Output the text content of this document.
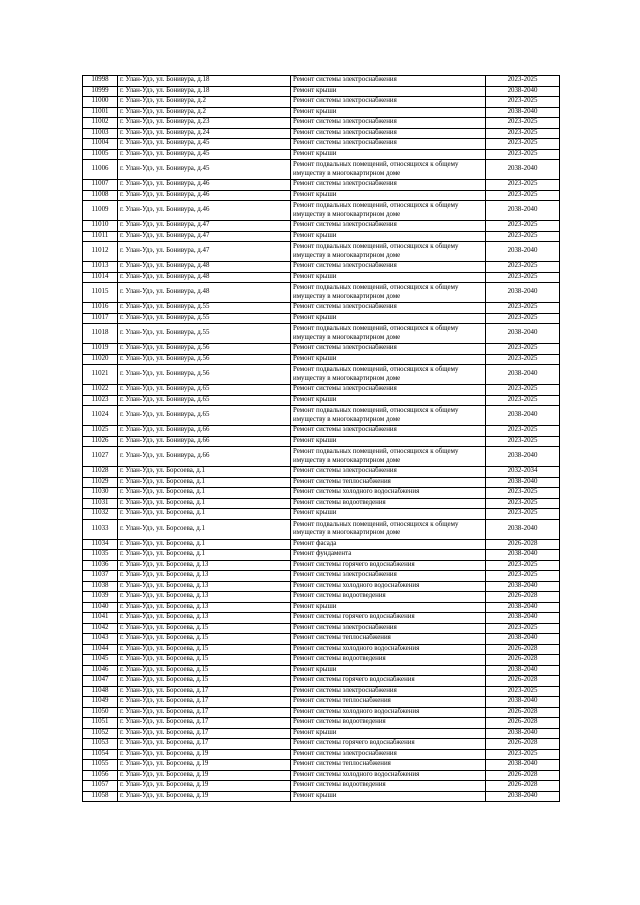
10998	г. Улан-Удэ, ул. Бонивура, д.18	Ремонт системы электроснабжения	2023-2025
10999	г. Улан-Удэ, ул. Бонивура, д.18	Ремонт крыши	2038-2040
11000	г. Улан-Удэ, ул. Бонивура, д.2	Ремонт системы электроснабжения	2023-2025
11001	г. Улан-Удэ, ул. Бонивура, д.2	Ремонт крыши	2038-2040
11002	г. Улан-Удэ, ул. Бонивура, д.23	Ремонт системы электроснабжения	2023-2025
11003	г. Улан-Удэ, ул. Бонивура, д.24	Ремонт системы электроснабжения	2023-2025
11004	г. Улан-Удэ, ул. Бонивура, д.45	Ремонт системы электроснабжения	2023-2025
11005	г. Улан-Удэ, ул. Бонивура, д.45	Ремонт крыши	2023-2025
11006	г. Улан-Удэ, ул. Бонивура, д.45	Ремонт подвальных помещений, относящихся к общему имуществу в многоквартирном доме	2038-2040
11007	г. Улан-Удэ, ул. Бонивура, д.46	Ремонт системы электроснабжения	2023-2025
11008	г. Улан-Удэ, ул. Бонивура, д.46	Ремонт крыши	2023-2025
11009	г. Улан-Удэ, ул. Бонивура, д.46	Ремонт подвальных помещений, относящихся к общему имуществу в многоквартирном доме	2038-2040
11010	г. Улан-Удэ, ул. Бонивура, д.47	Ремонт системы электроснабжения	2023-2025
11011	г. Улан-Удэ, ул. Бонивура, д.47	Ремонт крыши	2023-2025
11012	г. Улан-Удэ, ул. Бонивура, д.47	Ремонт подвальных помещений, относящихся к общему имуществу в многоквартирном доме	2038-2040
11013	г. Улан-Удэ, ул. Бонивура, д.48	Ремонт системы электроснабжения	2023-2025
11014	г. Улан-Удэ, ул. Бонивура, д.48	Ремонт крыши	2023-2025
11015	г. Улан-Удэ, ул. Бонивура, д.48	Ремонт подвальных помещений, относящихся к общему имуществу в многоквартирном доме	2038-2040
11016	г. Улан-Удэ, ул. Бонивура, д.55	Ремонт системы электроснабжения	2023-2025
11017	г. Улан-Удэ, ул. Бонивура, д.55	Ремонт крыши	2023-2025
11018	г. Улан-Удэ, ул. Бонивура, д.55	Ремонт подвальных помещений, относящихся к общему имуществу в многоквартирном доме	2038-2040
11019	г. Улан-Удэ, ул. Бонивура, д.56	Ремонт системы электроснабжения	2023-2025
11020	г. Улан-Удэ, ул. Бонивура, д.56	Ремонт крыши	2023-2025
11021	г. Улан-Удэ, ул. Бонивура, д.56	Ремонт подвальных помещений, относящихся к общему имуществу в многоквартирном доме	2038-2040
11022	г. Улан-Удэ, ул. Бонивура, д.65	Ремонт системы электроснабжения	2023-2025
11023	г. Улан-Удэ, ул. Бонивура, д.65	Ремонт крыши	2023-2025
11024	г. Улан-Удэ, ул. Бонивура, д.65	Ремонт подвальных помещений, относящихся к общему имуществу в многоквартирном доме	2038-2040
11025	г. Улан-Удэ, ул. Бонивура, д.66	Ремонт системы электроснабжения	2023-2025
11026	г. Улан-Удэ, ул. Бонивура, д.66	Ремонт крыши	2023-2025
11027	г. Улан-Удэ, ул. Бонивура, д.66	Ремонт подвальных помещений, относящихся к общему имуществу в многоквартирном доме	2038-2040
11028	г. Улан-Удэ, ул. Борсоева, д.1	Ремонт системы электроснабжения	2032-2034
11029	г. Улан-Удэ, ул. Борсоева, д.1	Ремонт системы теплоснабжения	2038-2040
11030	г. Улан-Удэ, ул. Борсоева, д.1	Ремонт системы холодного водоснабжения	2023-2025
11031	г. Улан-Удэ, ул. Борсоева, д.1	Ремонт системы водоотведения	2023-2025
11032	г. Улан-Удэ, ул. Борсоева, д.1	Ремонт крыши	2023-2025
11033	г. Улан-Удэ, ул. Борсоева, д.1	Ремонт подвальных помещений, относящихся к общему имуществу в многоквартирном доме	2038-2040
11034	г. Улан-Удэ, ул. Борсоева, д.1	Ремонт фасада	2026-2028
11035	г. Улан-Удэ, ул. Борсоева, д.1	Ремонт фундамента	2038-2040
11036	г. Улан-Удэ, ул. Борсоева, д.13	Ремонт системы горячего водоснабжения	2023-2025
11037	г. Улан-Удэ, ул. Борсоева, д.13	Ремонт системы электроснабжения	2023-2025
11038	г. Улан-Удэ, ул. Борсоева, д.13	Ремонт системы холодного водоснабжения	2038-2040
11039	г. Улан-Удэ, ул. Борсоева, д.13	Ремонт системы водоотведения	2026-2028
11040	г. Улан-Удэ, ул. Борсоева, д.13	Ремонт крыши	2038-2040
11041	г. Улан-Удэ, ул. Борсоева, д.13	Ремонт системы горячего водоснабжения	2038-2040
11042	г. Улан-Удэ, ул. Борсоева, д.15	Ремонт системы электроснабжения	2023-2025
11043	г. Улан-Удэ, ул. Борсоева, д.15	Ремонт системы теплоснабжения	2038-2040
11044	г. Улан-Удэ, ул. Борсоева, д.15	Ремонт системы холодного водоснабжения	2026-2028
11045	г. Улан-Удэ, ул. Борсоева, д.15	Ремонт системы водоотведения	2026-2028
11046	г. Улан-Удэ, ул. Борсоева, д.15	Ремонт крыши	2038-2040
11047	г. Улан-Удэ, ул. Борсоева, д.15	Ремонт системы горячего водоснабжения	2026-2028
11048	г. Улан-Удэ, ул. Борсоева, д.17	Ремонт системы электроснабжения	2023-2025
11049	г. Улан-Удэ, ул. Борсоева, д.17	Ремонт системы теплоснабжения	2038-2040
11050	г. Улан-Удэ, ул. Борсоева, д.17	Ремонт системы холодного водоснабжения	2026-2028
11051	г. Улан-Удэ, ул. Борсоева, д.17	Ремонт системы водоотведения	2026-2028
11052	г. Улан-Удэ, ул. Борсоева, д.17	Ремонт крыши	2038-2040
11053	г. Улан-Удэ, ул. Борсоева, д.17	Ремонт системы горячего водоснабжения	2026-2028
11054	г. Улан-Удэ, ул. Борсоева, д.19	Ремонт системы электроснабжения	2023-2025
11055	г. Улан-Удэ, ул. Борсоева, д.19	Ремонт системы теплоснабжения	2038-2040
11056	г. Улан-Удэ, ул. Борсоева, д.19	Ремонт системы холодного водоснабжения	2026-2028
11057	г. Улан-Удэ, ул. Борсоева, д.19	Ремонт системы водоотведения	2026-2028
11058	г. Улан-Удэ, ул. Борсоева, д.19	Ремонт крыши	2038-2040
